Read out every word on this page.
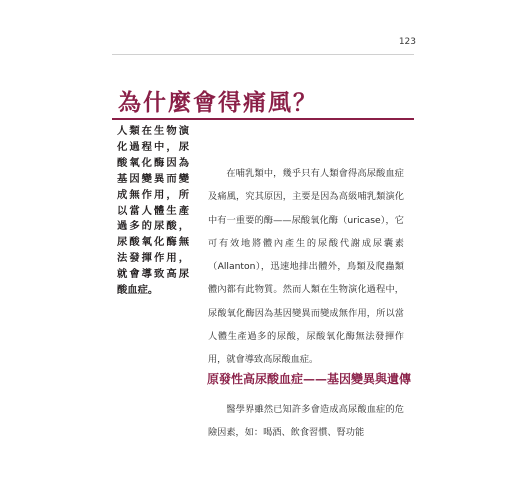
123
為什麼會得痛風？

人類在生物演化過程中，尿酸氧化酶因為基因變異而變成無作用，所以當人體生產過多的尿酸，尿酸氧化酶無法發揮作用，就會導致高尿酸血症。

在哺乳類中，幾乎只有人類會得高尿酸血症及痛風，究其原因，主要是因為高級哺乳類演化中有一重要的酶——尿酸氧化酶（uricase），它可有效地將體內產生的尿酸代謝成尿囊素（Allanton），迅速地排出體外，鳥類及爬蟲類體內都有此物質。然而人類在生物演化過程中，尿酸氧化酶因為基因變異而變成無作用，所以當人體生產過多的尿酸，尿酸氧化酶無法發揮作用，就會導致高尿酸血症。

原發性高尿酸血症——基因變異與遺傳

醫學界雖然已知許多會造成高尿酸血症的危險因素，如：喝酒、飲食習慣、腎功能
